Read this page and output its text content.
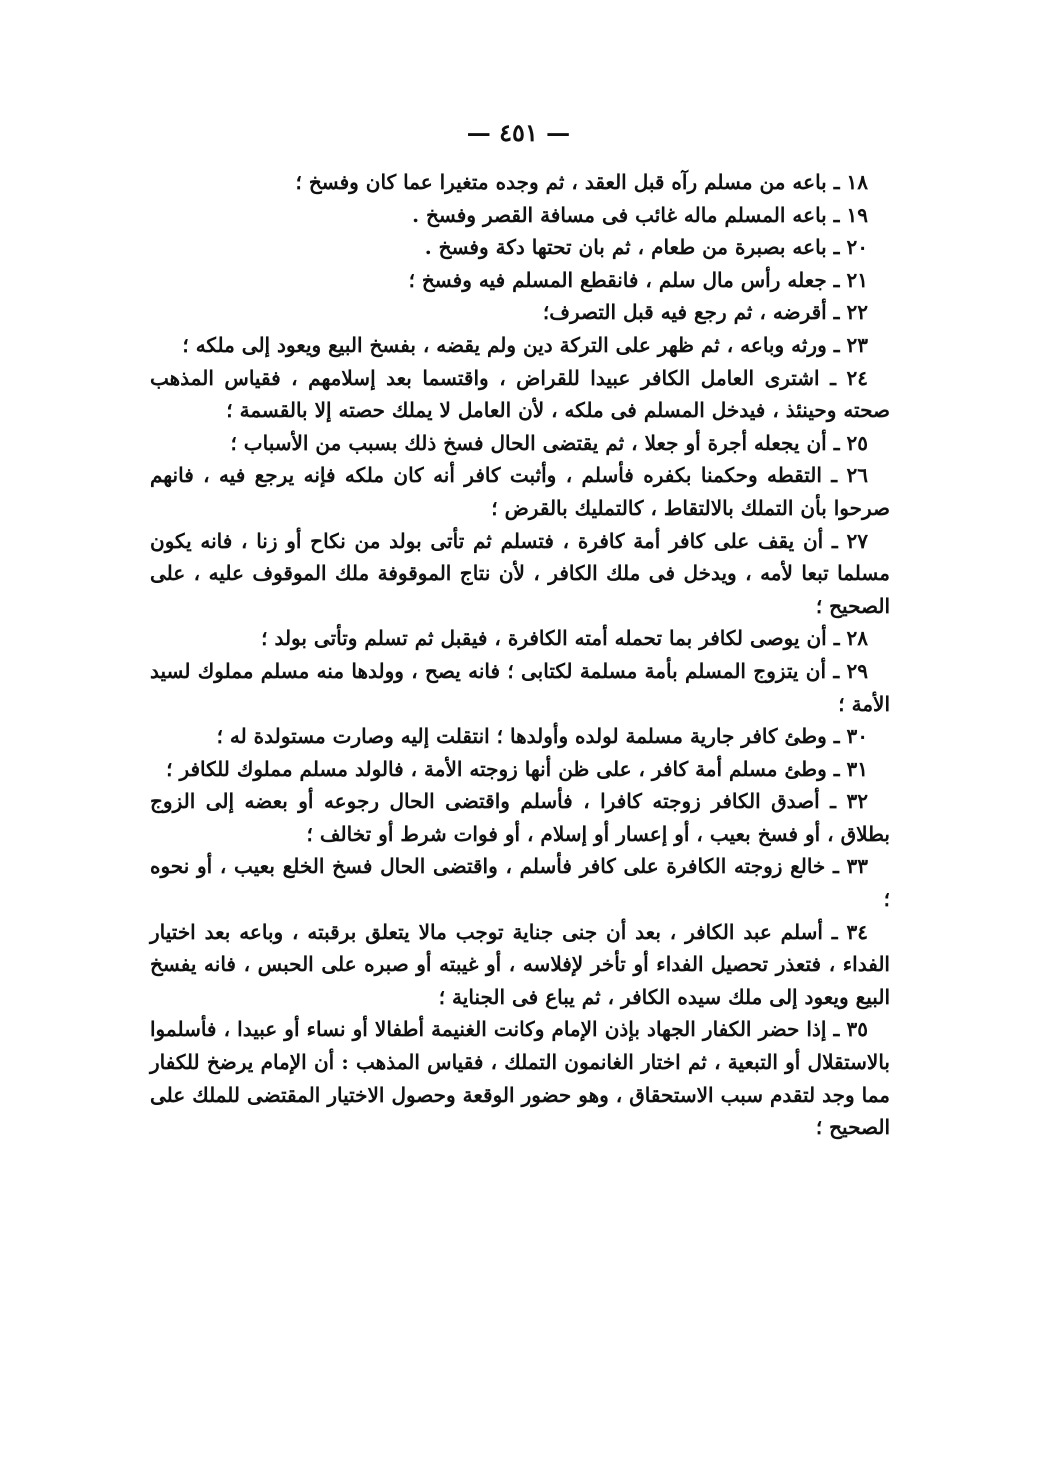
— ٤٥١ —

١٨ ـ باعه من مسلم رآه قبل العقد ، ثم وجده متغيرا عما كان وفسخ ؛

١٩ ـ باعه المسلم ماله غائب فى مسافة القصر وفسخ .

٢٠ ـ باعه بصبرة من طعام ، ثم بان تحتها دكة وفسخ .

٢١ ـ جعله رأس مال سلم ، فانقطع المسلم فيه وفسخ ؛

٢٢ ـ أقرضه ، ثم رجع فيه قبل التصرف؛

٢٣ ـ ورثه وباعه ، ثم ظهر على التركة دين ولم يقضه ، بفسخ البيع ويعود إلى ملكه ؛

٢٤ ـ اشترى العامل الكافر عبيدا للقراض ، واقتسما بعد إسلامهم ، فقياس المذهب صحته وحينئذ ، فيدخل المسلم فى ملكه ، لأن العامل لا يملك حصته إلا بالقسمة ؛

٢٥ ـ أن يجعله أجرة أو جعلا ، ثم يقتضى الحال فسخ ذلك بسبب من الأسباب ؛

٢٦ ـ التقطه وحكمنا بكفره فأسلم ، وأثبت كافر أنه كان ملكه فإنه يرجع فيه ، فانهم صرحوا بأن التملك بالالتقاط ، كالتمليك بالقرض ؛

٢٧ ـ أن يقف على كافر أمة كافرة ، فتسلم ثم تأتى بولد من نكاح أو زنا ، فانه يكون مسلما تبعا لأمه ، ويدخل فى ملك الكافر ، لأن نتاج الموقوفة ملك الموقوف عليه ، على الصحيح ؛

٢٨ ـ أن يوصى لكافر بما تحمله أمته الكافرة ، فيقبل ثم تسلم وتأتى بولد ؛

٢٩ ـ أن يتزوج المسلم بأمة مسلمة لكتابى ؛ فانه يصح ، وولدها منه مسلم مملوك لسيد الأمة ؛

٣٠ ـ وطئ كافر جارية مسلمة لولده وأولدها ؛ انتقلت إليه وصارت مستولدة له ؛

٣١ ـ وطئ مسلم أمة كافر ، على ظن أنها زوجته الأمة ، فالولد مسلم مملوك للكافر ؛

٣٢ ـ أصدق الكافر زوجته كافرا ، فأسلم واقتضى الحال رجوعه أو بعضه إلى الزوج بطلاق ، أو فسخ بعيب ، أو إعسار أو إسلام ، أو فوات شرط أو تخالف ؛

٣٣ ـ خالع زوجته الكافرة على كافر فأسلم ، واقتضى الحال فسخ الخلع بعيب ، أو نحوه ؛

٣٤ ـ أسلم عبد الكافر ، بعد أن جنى جناية توجب مالا يتعلق برقبته ، وباعه بعد اختيار الفداء ، فتعذر تحصيل الفداء أو تأخر لإفلاسه ، أو غيبته أو صبره على الحبس ، فانه يفسخ البيع ويعود إلى ملك سيده الكافر ، ثم يباع فى الجناية ؛

٣٥ ـ إذا حضر الكفار الجهاد بإذن الإمام وكانت الغنيمة أطفالا أو نساء أو عبيدا ، فأسلموا بالاستقلال أو التبعية ، ثم اختار الغانمون التملك ، فقياس المذهب : أن الإمام يرضخ للكفار مما وجد لتقدم سبب الاستحقاق ، وهو حضور الوقعة وحصول الاختيار المقتضى للملك على الصحيح ؛
